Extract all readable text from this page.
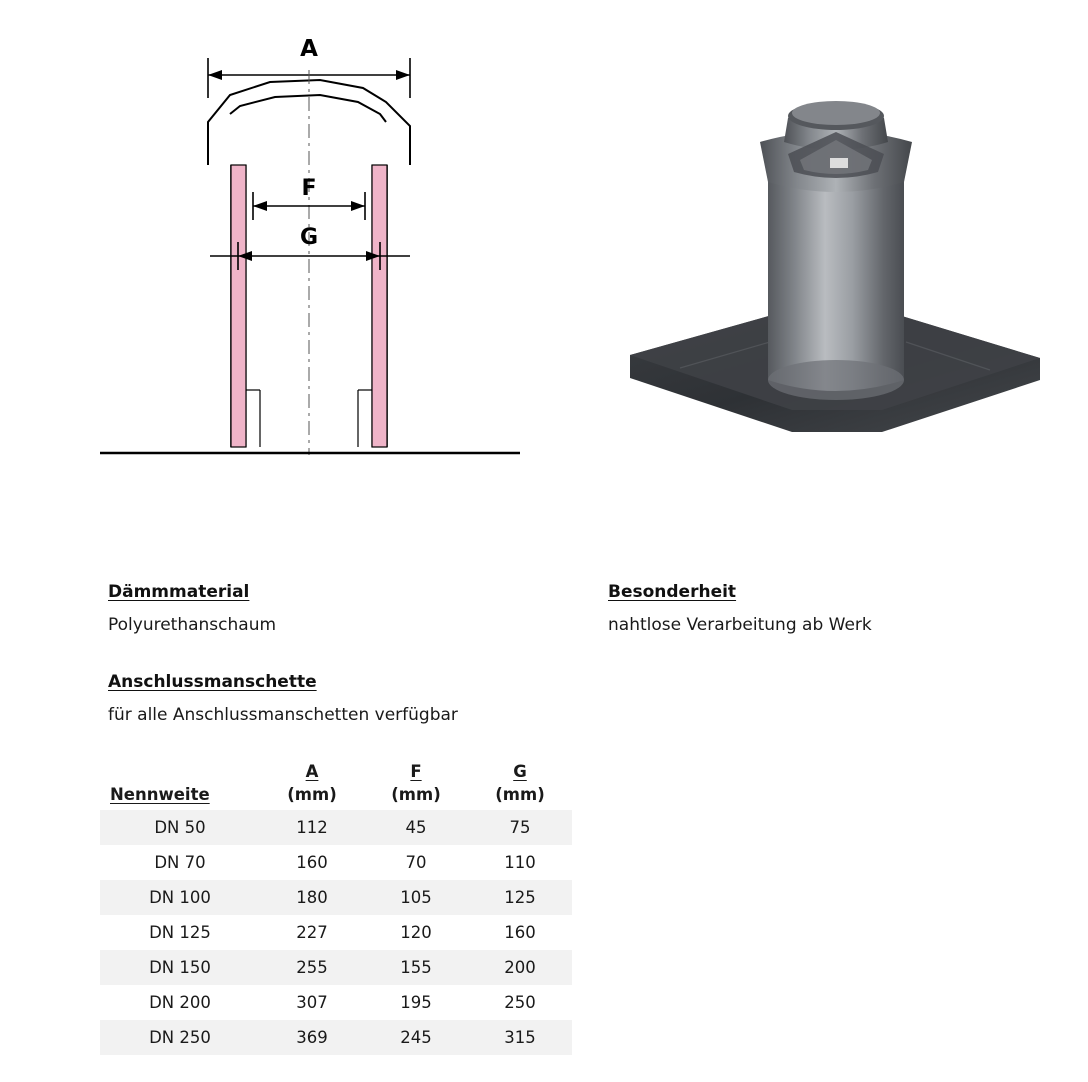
A
F
G
Dämmmaterial
Polyurethanschaum
Anschlussmanschette
für alle Anschlussmanschetten verfügbar
Besonderheit
nahtlose Verarbeitung ab Werk
Nennweite	$\frac{A}{(mm)}$	$\frac{F}{(mm)}$	$\frac{G}{(mm)}$
DN 50	112	45	75
DN 70	160	70	110
DN 100	180	105	125
DN 125	227	120	160
DN 150	255	155	200
DN 200	307	195	250
DN 250	369	245	315
